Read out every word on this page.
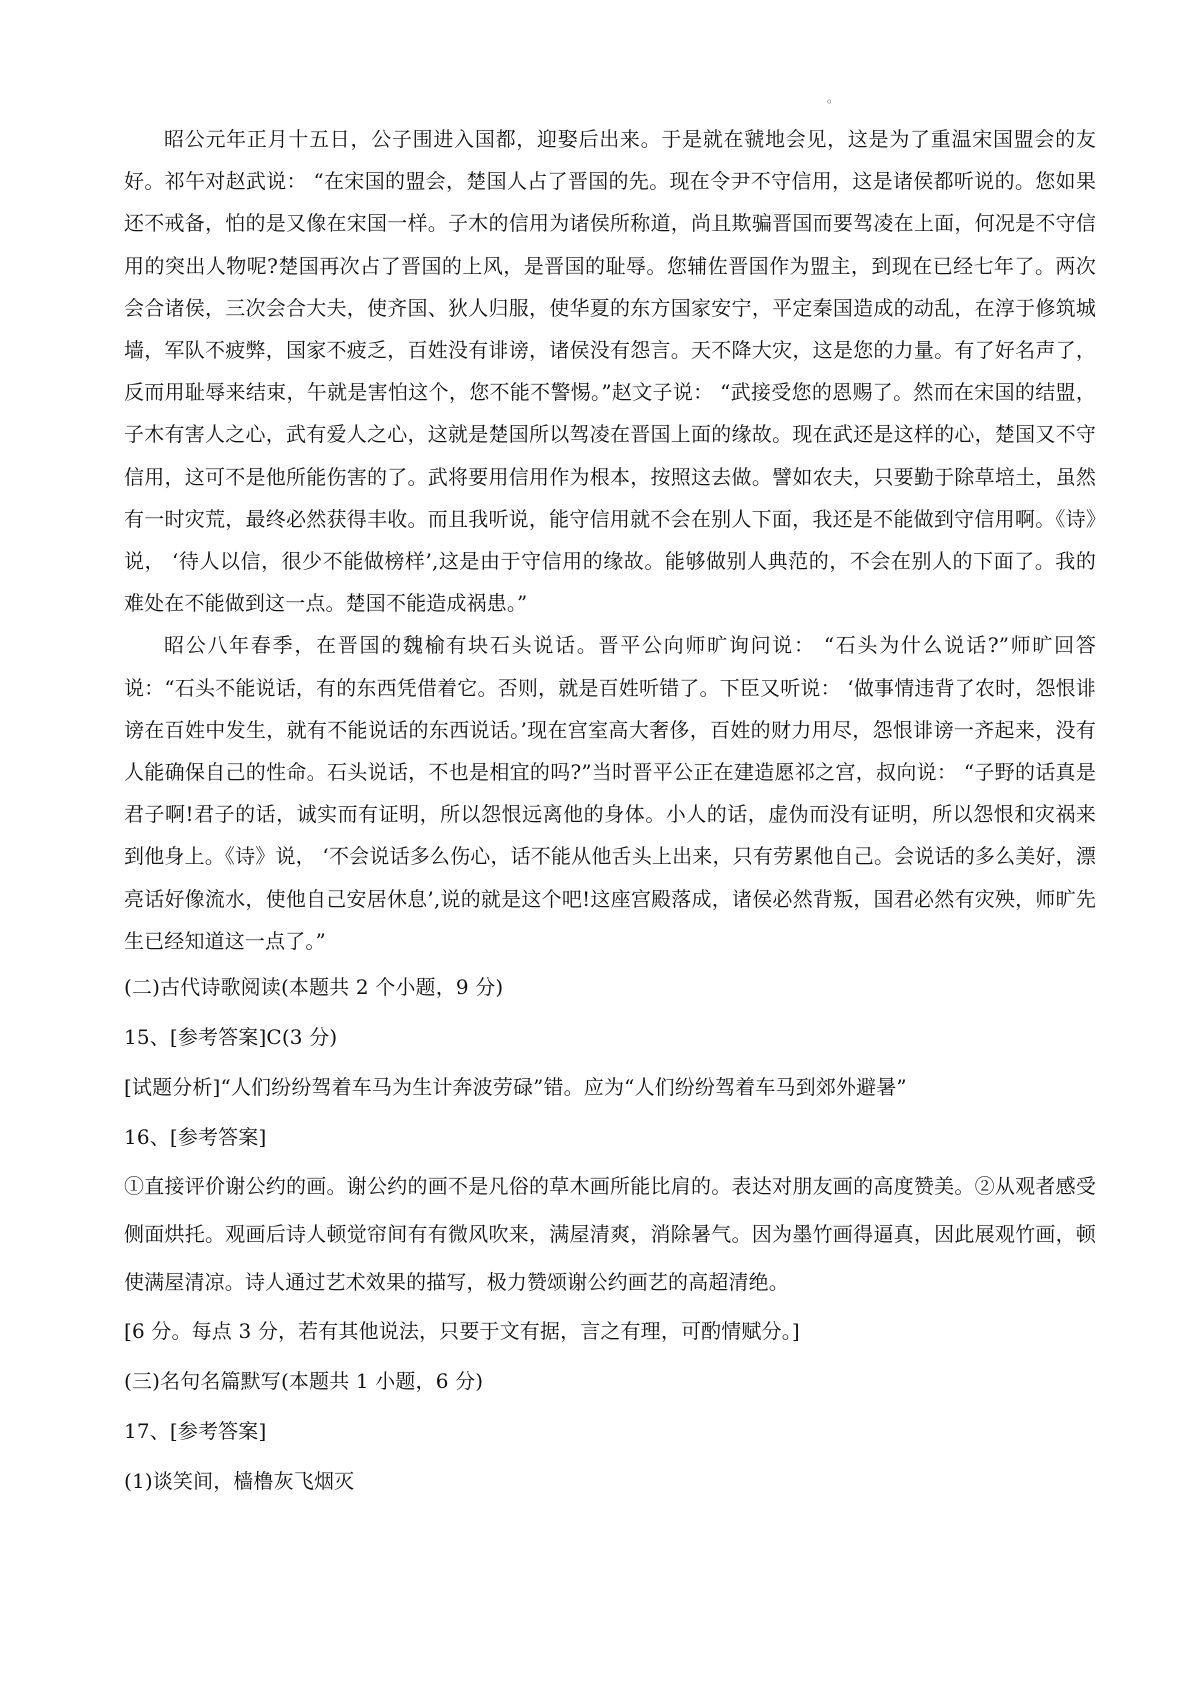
。

昭公元年正月十五日，公子围进入国都，迎娶后出来。于是就在虢地会见，这是为了重温宋国盟会的友好。祁午对赵武说： “在宋国的盟会，楚国人占了晋国的先。现在令尹不守信用，这是诸侯都听说的。您如果还不戒备，怕的是又像在宋国一样。子木的信用为诸侯所称道，尚且欺骗晋国而要驾凌在上面，何况是不守信用的突出人物呢?楚国再次占了晋国的上风，是晋国的耻辱。您辅佐晋国作为盟主，到现在已经七年了。两次会合诸侯，三次会合大夫，使齐国、狄人归服，使华夏的东方国家安宁，平定秦国造成的动乱，在淳于修筑城墙，军队不疲弊，国家不疲乏，百姓没有诽谤，诸侯没有怨言。天不降大灾，这是您的力量。有了好名声了，反而用耻辱来结束，午就是害怕这个，您不能不警惕。”赵文子说： “武接受您的恩赐了。然而在宋国的结盟，子木有害人之心，武有爱人之心，这就是楚国所以驾凌在晋国上面的缘故。现在武还是这样的心，楚国又不守信用，这可不是他所能伤害的了。武将要用信用作为根本，按照这去做。譬如农夫，只要勤于除草培土，虽然有一时灾荒，最终必然获得丰收。而且我听说，能守信用就不会在别人下面，我还是不能做到守信用啊。《诗》说， ‘待人以信，很少不能做榜样’,这是由于守信用的缘故。能够做别人典范的，不会在别人的下面了。我的难处在不能做到这一点。楚国不能造成祸患。”

昭公八年春季，在晋国的魏榆有块石头说话。晋平公向师旷询问说： “石头为什么说话?”师旷回答说：“石头不能说话，有的东西凭借着它。否则，就是百姓听错了。下臣又听说： ‘做事情违背了农时，怨恨诽谤在百姓中发生，就有不能说话的东西说话。’现在宫室高大奢侈，百姓的财力用尽，怨恨诽谤一齐起来，没有人能确保自己的性命。石头说话，不也是相宜的吗?”当时晋平公正在建造愿祁之宫，叔向说： “子野的话真是君子啊!君子的话，诚实而有证明，所以怨恨远离他的身体。小人的话，虚伪而没有证明，所以怨恨和灾祸来到他身上。《诗》说， ‘不会说话多么伤心，话不能从他舌头上出来，只有劳累他自己。会说话的多么美好，漂亮话好像流水，使他自己安居休息’,说的就是这个吧!这座宫殿落成，诸侯必然背叛，国君必然有灾殃，师旷先生已经知道这一点了。”

(二)古代诗歌阅读(本题共 2 个小题，9 分)

15、[参考答案]C(3 分)

[试题分析]“人们纷纷驾着车马为生计奔波劳碌”错。应为“人们纷纷驾着车马到郊外避暑”

16、[参考答案]

①直接评价谢公约的画。谢公约的画不是凡俗的草木画所能比肩的。表达对朋友画的高度赞美。②从观者感受侧面烘托。观画后诗人顿觉帘间有有微风吹来，满屋清爽，消除暑气。因为墨竹画得逼真，因此展观竹画，顿使满屋清凉。诗人通过艺术效果的描写，极力赞颂谢公约画艺的高超清绝。

[6 分。每点 3 分，若有其他说法，只要于文有据，言之有理，可酌情赋分。]

(三)名句名篇默写(本题共 1 小题，6 分)

17、[参考答案]

(1)谈笑间，樯橹灰飞烟灭
